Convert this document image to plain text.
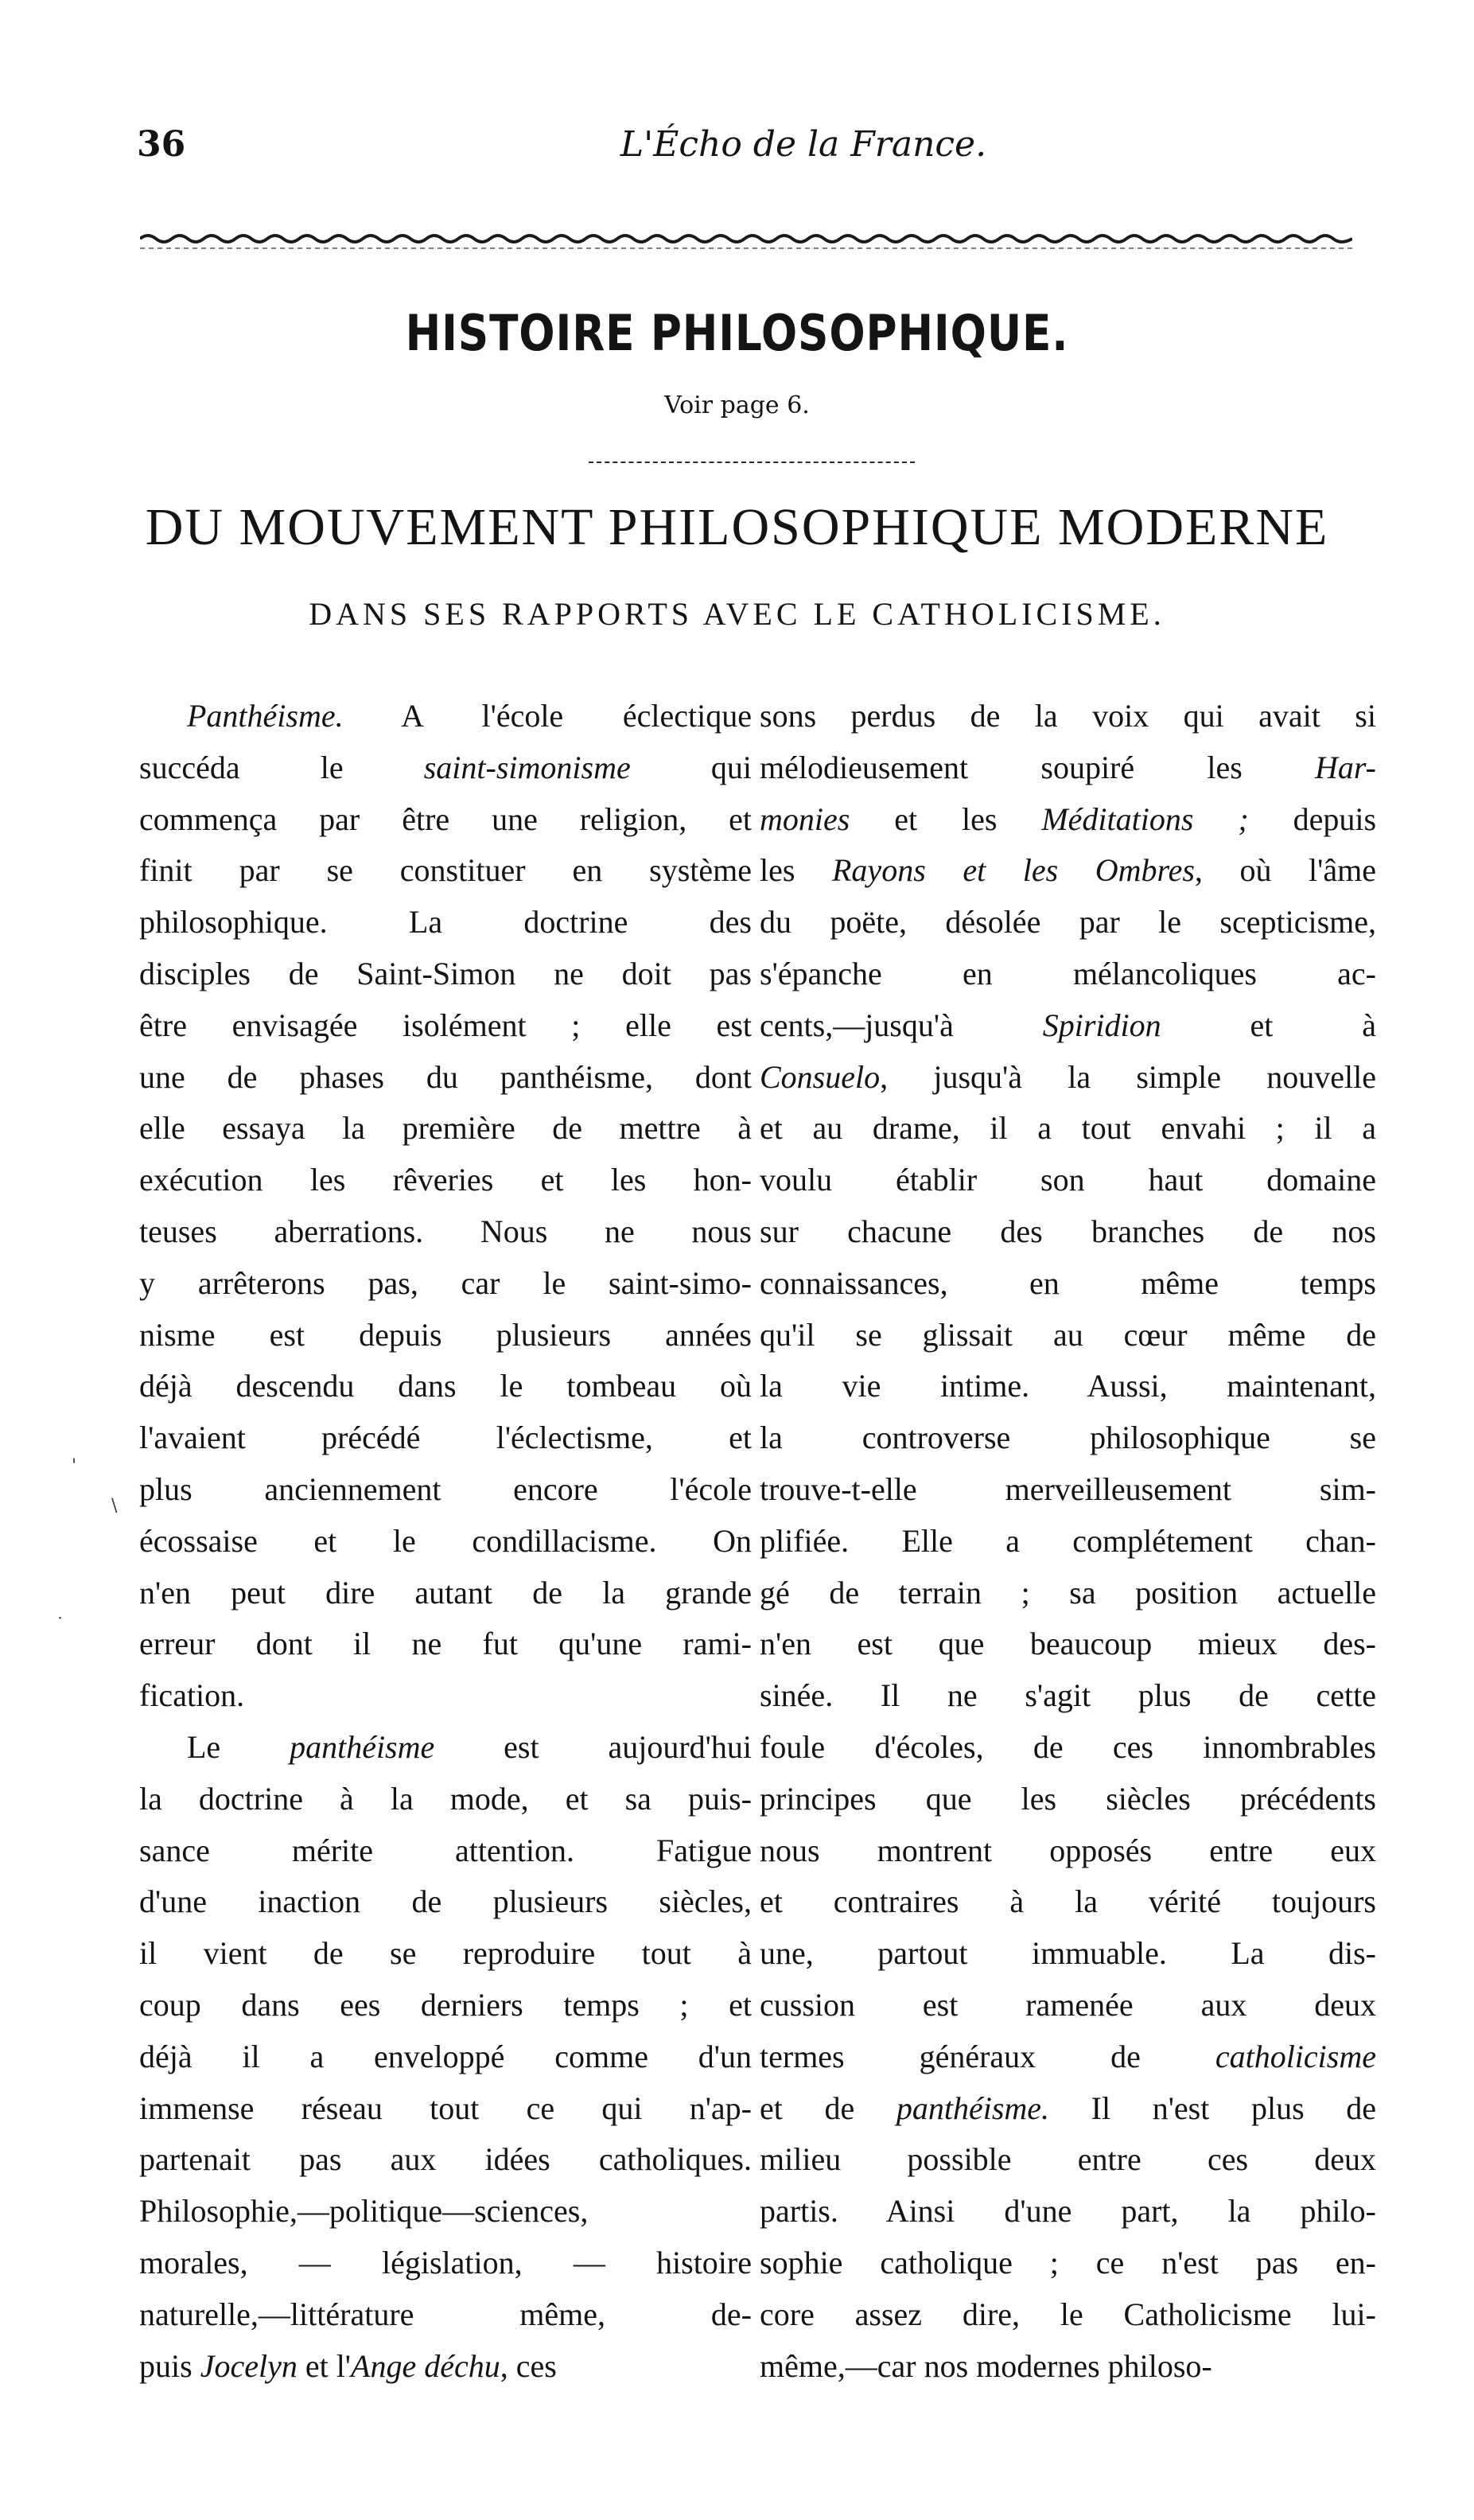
36	L'Écho de la France.
HISTOIRE PHILOSOPHIQUE.
Voir page 6.
DU MOUVEMENT PHILOSOPHIQUE MODERNE
DANS SES RAPPORTS AVEC LE CATHOLICISME.
Panthéisme. A l'école éclectique
succéda le saint-simonisme qui
commença par être une religion, et
finit par se constituer en système
philosophique. La doctrine des
disciples de Saint-Simon ne doit pas
être envisagée isolément ; elle est
une de phases du panthéisme, dont
elle essaya la première de mettre à
exécution les rêveries et les hon-
teuses aberrations. Nous ne nous
y arrêterons pas, car le saint-simo-
nisme est depuis plusieurs années
déjà descendu dans le tombeau où
l'avaient précédé l'éclectisme, et
plus anciennement encore l'école
écossaise et le condillacisme. On
n'en peut dire autant de la grande
erreur dont il ne fut qu'une rami-
fication.
Le panthéisme est aujourd'hui
la doctrine à la mode, et sa puis-
sance mérite attention. Fatigue
d'une inaction de plusieurs siècles,
il vient de se reproduire tout à
coup dans ees derniers temps ; et
déjà il a enveloppé comme d'un
immense réseau tout ce qui n'ap-
partenait pas aux idées catholiques.
Philosophie,—politique—sciences,
morales, — législation, — histoire
naturelle,—littérature même, de-
puis Jocelyn et l'Ange déchu, ces
sons perdus de la voix qui avait si
mélodieusement soupiré les Har-
monies et les Méditations ; depuis
les Rayons et les Ombres, où l'âme
du poëte, désolée par le scepticisme,
s'épanche en mélancoliques ac-
cents,—jusqu'à Spiridion et à
Consuelo, jusqu'à la simple nouvelle
et au drame, il a tout envahi ; il a
voulu établir son haut domaine
sur chacune des branches de nos
connaissances, en même temps
qu'il se glissait au cœur même de
la vie intime. Aussi, maintenant,
la controverse philosophique se
trouve-t-elle merveilleusement sim-
plifiée. Elle a complétement chan-
gé de terrain ; sa position actuelle
n'en est que beaucoup mieux des-
sinée. Il ne s'agit plus de cette
foule d'écoles, de ces innombrables
principes que les siècles précédents
nous montrent opposés entre eux
et contraires à la vérité toujours
une, partout immuable. La dis-
cussion est ramenée aux deux
termes généraux de catholicisme
et de panthéisme. Il n'est plus de
milieu possible entre ces deux
partis. Ainsi d'une part, la philo-
sophie catholique ; ce n'est pas en-
core assez dire, le Catholicisme lui-
même,—car nos modernes philoso-
'
\
˙
